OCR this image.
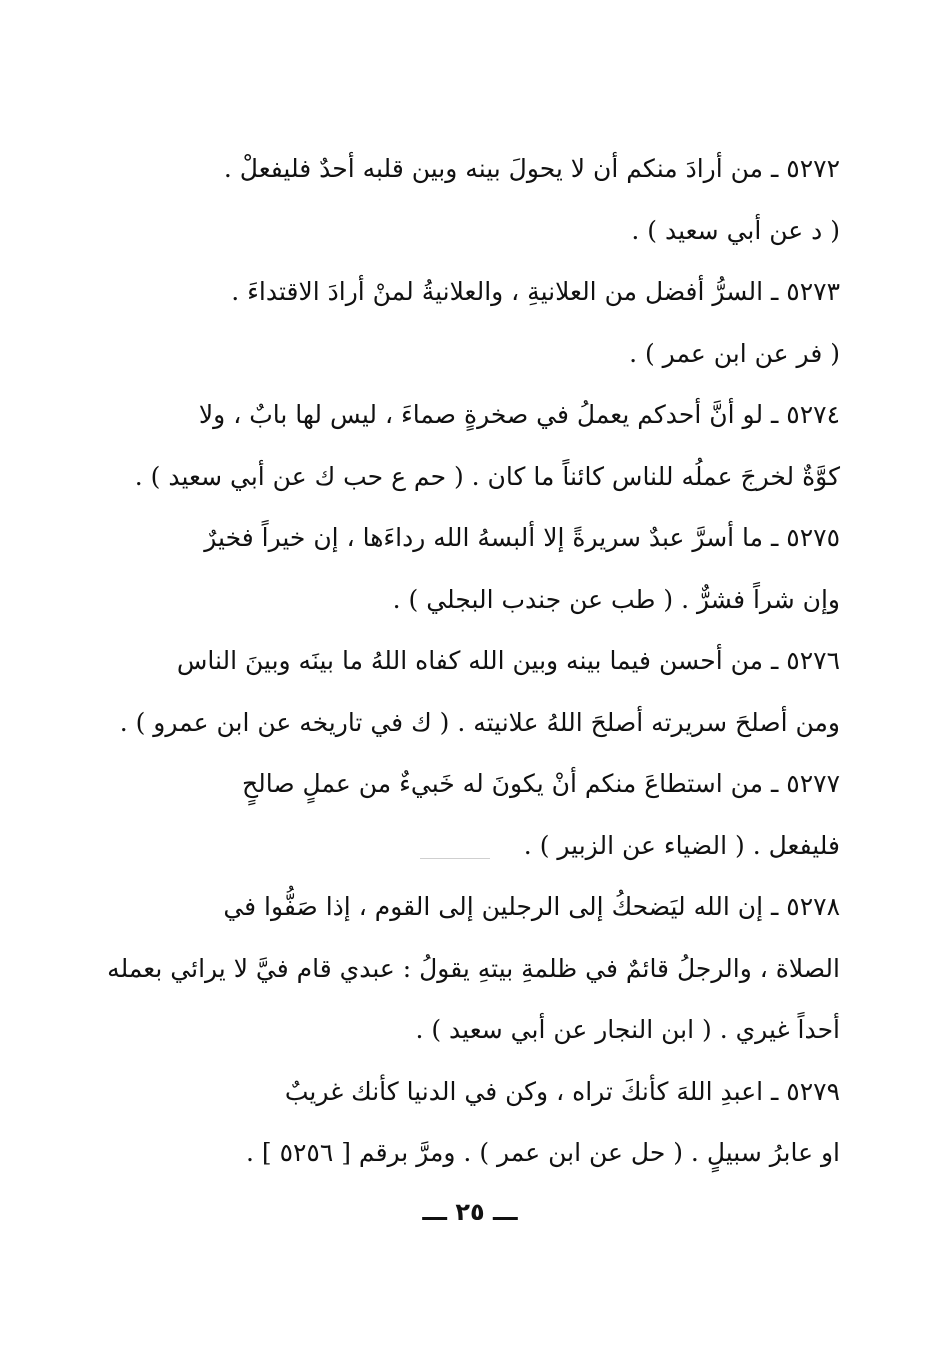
٥٢٧٢ ـ من أرادَ منكم أن لا يحولَ بينه وبين قلبه أحدٌ فليفعلْ .
( د عن أبي سعيد ) .
٥٢٧٣ ـ السرُّ أفضل من العلانيةِ ، والعلانيةُ لمنْ أرادَ الاقتداءَ .
( فر عن ابن عمر ) .
٥٢٧٤ ـ لو أنَّ أحدكم يعملُ في صخرةٍ صماءَ ، ليس لها بابٌ ، ولا
كوَّةٌ لخرجَ عملُه للناس كائناً ما كان . ( حم ع حب ك عن أبي سعيد ) .
٥٢٧٥ ـ ما أسرَّ عبدٌ سريرةً إلا ألبسهُ الله رداءَها ، إن خيراً فخيرٌ
وإن شراً فشرٌّ . ( طب عن جندب البجلي ) .
٥٢٧٦ ـ من أحسن فيما بينه وبين الله كفاه اللهُ ما بينَه وبينَ الناس
ومن أصلحَ سريرته أصلحَ اللهُ علانيته . ( ك في تاريخه عن ابن عمرو ) .
٥٢٧٧ ـ من استطاعَ منكم أنْ يكونَ له خَبيءٌ من عملٍ صالحٍ
فليفعل . ( الضياء عن الزبير ) .
٥٢٧٨ ـ إن الله ليَضحكُ إلى الرجلين إلى القوم ، إذا صَفُّوا في
الصلاة ، والرجلُ قائمٌ في ظلمةِ بيتهِ يقولُ : عبدي قام فيَّ لا يرائي بعمله
أحداً غيري . ( ابن النجار عن أبي سعيد ) .
٥٢٧٩ ـ اعبدِ اللهَ كأنكَ تراه ، وكن في الدنيا كأنك غريبٌ
او عابرُ سبيلٍ . ( حل عن ابن عمر ) . ومرَّ برقم [ ٥٢٥٦ ] .
ـــ ٢٥ ـــ
